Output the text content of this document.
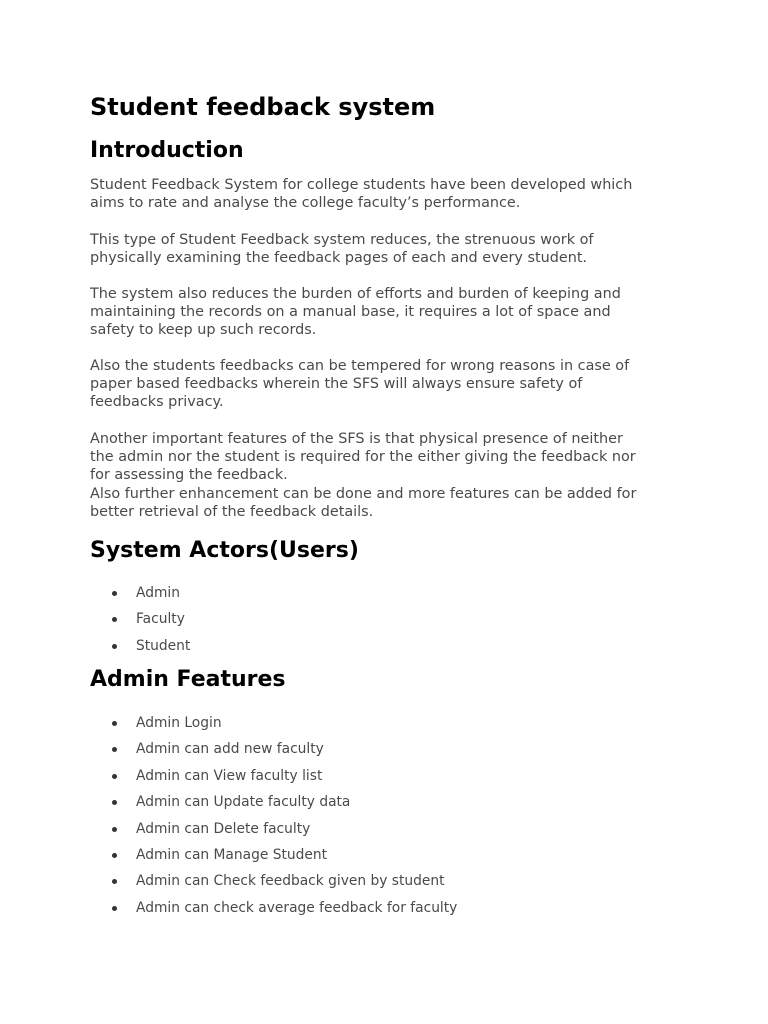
Student feedback system
Introduction

Student Feedback System for college students have been developed which
aims to rate and analyse the college faculty’s performance.

This type of Student Feedback system reduces, the strenuous work of
physically examining the feedback pages of each and every student.

The system also reduces the burden of efforts and burden of keeping and
maintaining the records on a manual base, it requires a lot of space and
safety to keep up such records.

Also the students feedbacks can be tempered for wrong reasons in case of
paper based feedbacks wherein the SFS will always ensure safety of
feedbacks privacy.

Another important features of the SFS is that physical presence of neither
the admin nor the student is required for the either giving the feedback nor
for assessing the feedback.
Also further enhancement can be done and more features can be added for
better retrieval of the feedback details.

System Actors(Users)
Admin
Faculty
Student
Admin Features
Admin Login
Admin can add new faculty
Admin can View faculty list
Admin can Update faculty data
Admin can Delete faculty
Admin can Manage Student
Admin can Check feedback given by student
Admin can check average feedback for faculty
